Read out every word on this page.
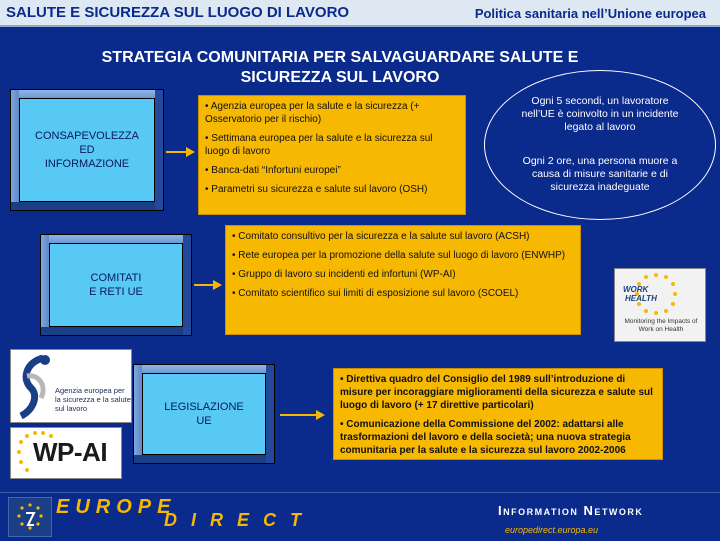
SALUTE E SICUREZZA SUL LUOGO DI LAVORO	Politica sanitaria nell’Unione europea
STRATEGIA COMUNITARIA PER SALVAGUARDARE SALUTE E SICUREZZA SUL LAVORO
Ogni 5 secondi, un lavoratore nell’UE è coinvolto in un incidente legato al lavoro
Ogni 2 ore, una persona muore a causa di misure sanitarie e di sicurezza inadeguate
CONSAPEVOLEZZA
ED
INFORMAZIONE
• Agenzia europea per la salute e la sicurezza (+ Osservatorio per il rischio)
• Settimana europea per la salute e la sicurezza sul luogo di lavoro
• Banca-dati “Infortuni europei”
• Parametri su sicurezza e salute sul lavoro (OSH)
COMITATI
E RETI UE
• Comitato consultivo per la sicurezza e la salute sul lavoro (ACSH)
• Rete europea per la promozione della salute sul luogo di lavoro (ENWHP)
• Gruppo di lavoro su incidenti ed infortuni (WP-AI)
• Comitato scientifico sui limiti di esposizione sul lavoro (SCOEL)	WORK
HEALTH
Monitoring the Impacts of Work on Health
Agenzia europea per la sicurezza e la salute sul lavoro
WP-AI
LEGISLAZIONE
UE
• Direttiva quadro del Consiglio del 1989 sull’introduzione di misure per incoraggiare miglioramenti della sicurezza e salute sul luogo di lavoro (+ 17 direttive particolari)
• Comunicazione della Commissione del 2002: adattarsi alle trasformazioni del lavoro e della società; una nuova strategia comunitaria per la salute e la sicurezza sul lavoro 2002-2006
EUROPE
DIRECT	Information Network
europedirect.europa.eu
